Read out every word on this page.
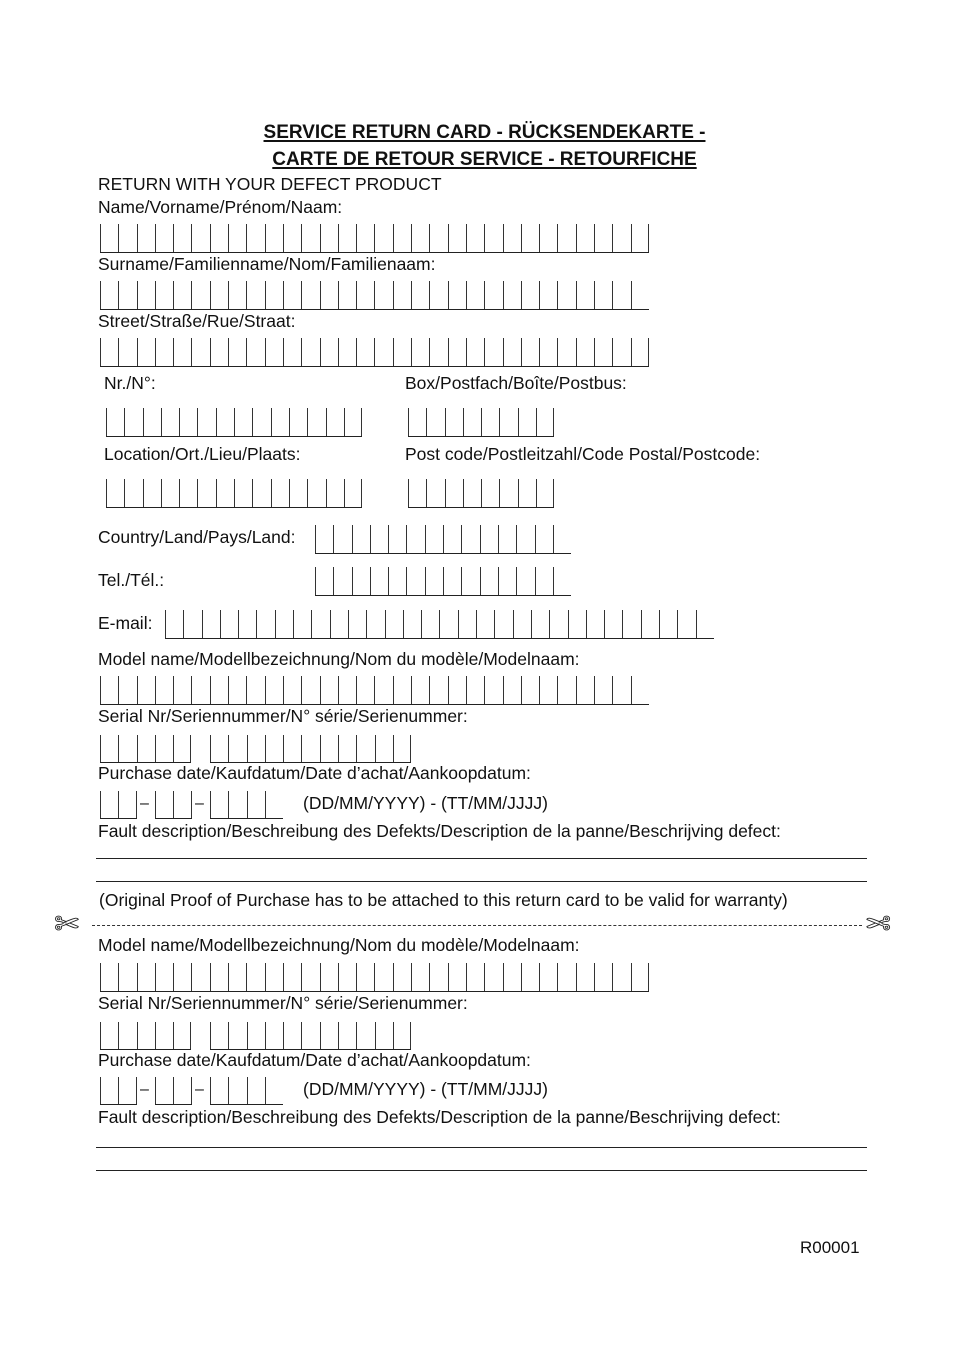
SERVICE RETURN CARD - RÜCKSENDEKARTE -
CARTE DE RETOUR SERVICE - RETOURFICHE
RETURN WITH YOUR DEFECT PRODUCT
Name/Vorname/Prénom/Naam:
Surname/Familienname/Nom/Familienaam:
Street/Straße/Rue/Straat:
Nr./N°:	Box/Postfach/Boîte/Postbus:
Location/Ort./Lieu/Plaats:	Post code/Postleitzahl/Code Postal/Postcode:
Country/Land/Pays/Land:
Tel./Tél.:
E-mail:
Model name/Modellbezeichnung/Nom du modèle/Modelnaam:
Serial Nr/Seriennummer/N° série/Serienummer:
Purchase date/Kaufdatum/Date d’achat/Aankoopdatum:
–	–	(DD/MM/YYYY) - (TT/MM/JJJJ)
Fault description/Beschreibung des Defekts/Description de la panne/Beschrijving defect:
(Original Proof of Purchase has to be attached to this return card to be valid for warranty)
✄	✄
Model name/Modellbezeichnung/Nom du modèle/Modelnaam:
Serial Nr/Seriennummer/N° série/Serienummer:
Purchase date/Kaufdatum/Date d’achat/Aankoopdatum:
–	–	(DD/MM/YYYY) - (TT/MM/JJJJ)
Fault description/Beschreibung des Defekts/Description de la panne/Beschrijving defect:
R00001
